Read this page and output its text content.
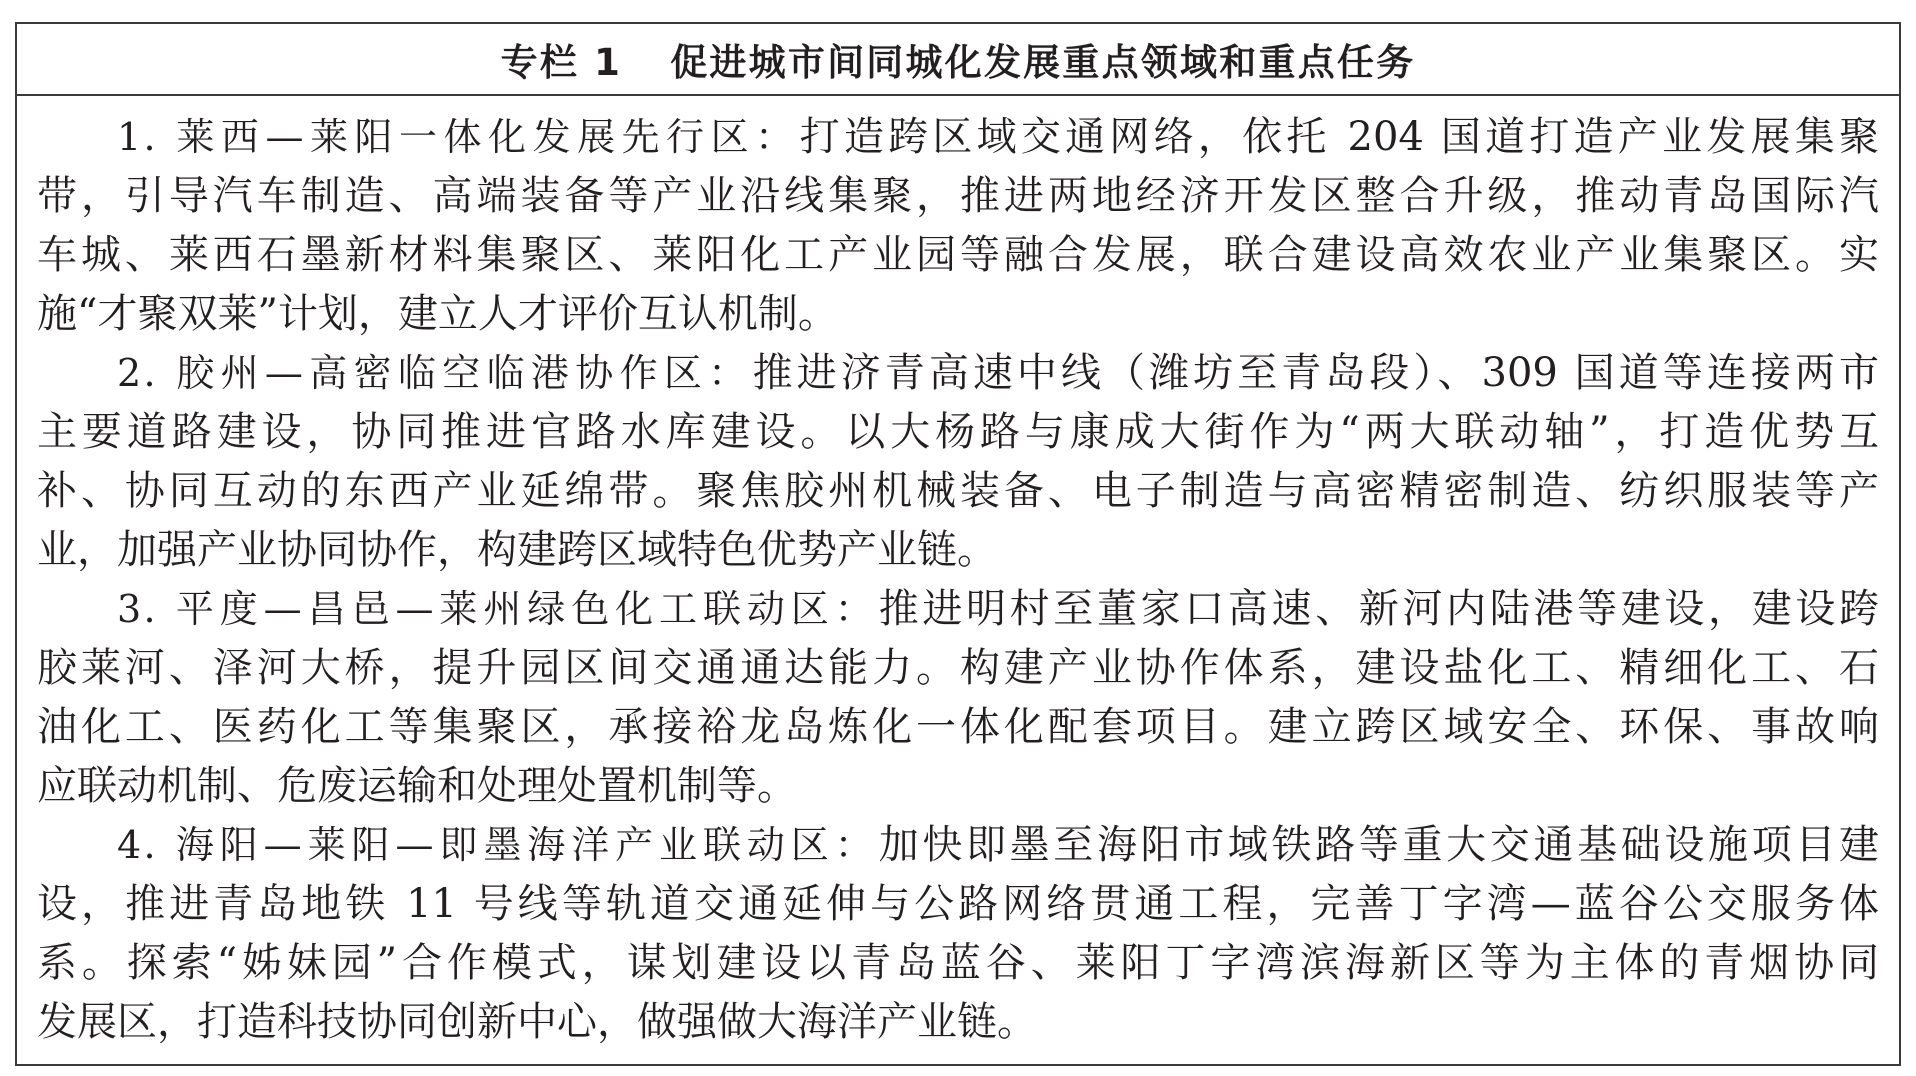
专栏 1 促进城市间同城化发展重点领域和重点任务
1. 莱西—莱阳一体化发展先行区：打造跨区域交通网络，依托 204 国道打造产业发展集聚
带，引导汽车制造、高端装备等产业沿线集聚，推进两地经济开发区整合升级，推动青岛国际汽
车城、莱西石墨新材料集聚区、莱阳化工产业园等融合发展，联合建设高效农业产业集聚区。实
施“才聚双莱”计划，建立人才评价互认机制。
2. 胶州—高密临空临港协作区：推进济青高速中线（潍坊至青岛段）、309 国道等连接两市
主要道路建设，协同推进官路水库建设。以大杨路与康成大街作为“两大联动轴”，打造优势互
补、协同互动的东西产业延绵带。聚焦胶州机械装备、电子制造与高密精密制造、纺织服装等产
业，加强产业协同协作，构建跨区域特色优势产业链。
3. 平度—昌邑—莱州绿色化工联动区：推进明村至董家口高速、新河内陆港等建设，建设跨
胶莱河、泽河大桥，提升园区间交通通达能力。构建产业协作体系，建设盐化工、精细化工、石
油化工、医药化工等集聚区，承接裕龙岛炼化一体化配套项目。建立跨区域安全、环保、事故响
应联动机制、危废运输和处理处置机制等。
4. 海阳—莱阳—即墨海洋产业联动区：加快即墨至海阳市域铁路等重大交通基础设施项目建
设，推进青岛地铁 11 号线等轨道交通延伸与公路网络贯通工程，完善丁字湾—蓝谷公交服务体
系。探索“姊妹园”合作模式，谋划建设以青岛蓝谷、莱阳丁字湾滨海新区等为主体的青烟协同
发展区，打造科技协同创新中心，做强做大海洋产业链。
